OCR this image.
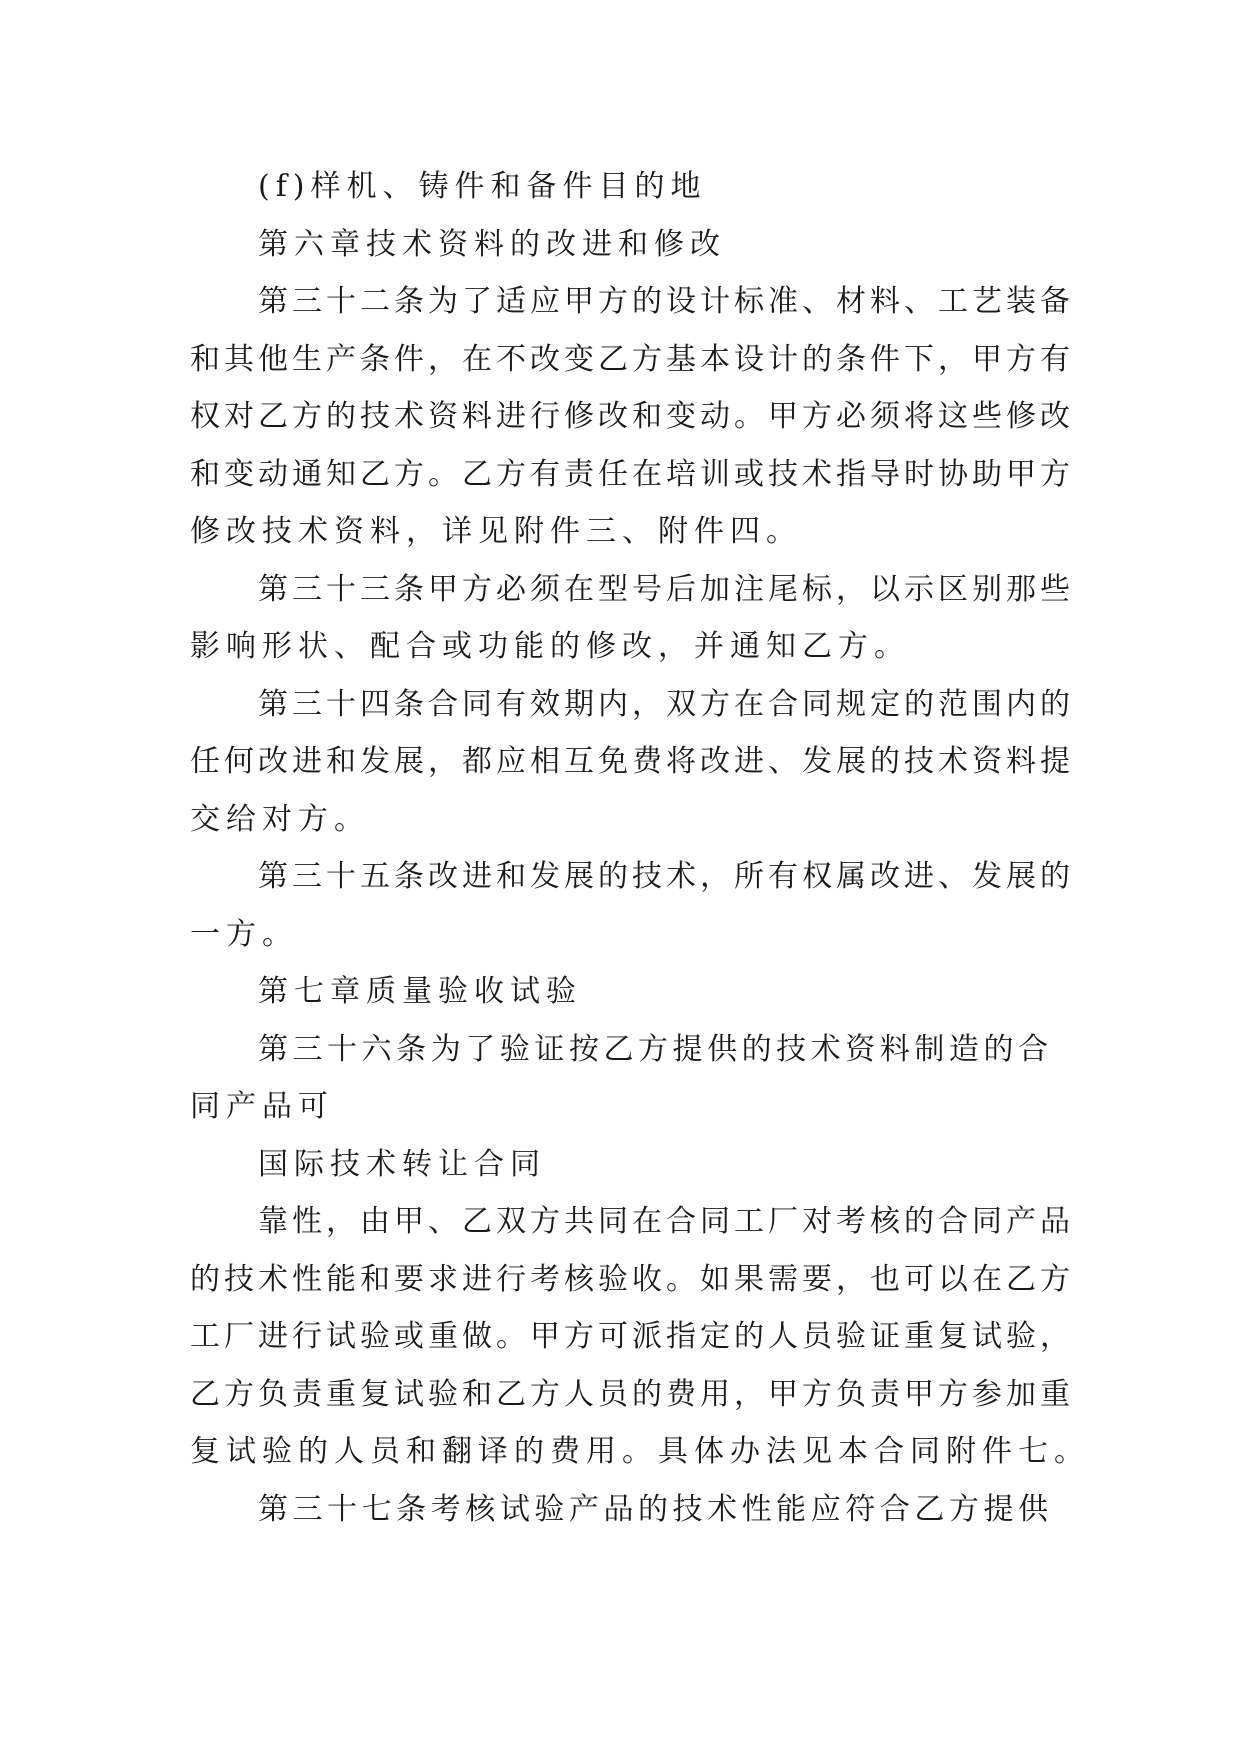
(f)样机、铸件和备件目的地
第六章技术资料的改进和修改
第三十二条为了适应甲方的设计标准、材料、工艺装备
和其他生产条件，在不改变乙方基本设计的条件下，甲方有
权对乙方的技术资料进行修改和变动。甲方必须将这些修改
和变动通知乙方。乙方有责任在培训或技术指导时协助甲方
修改技术资料，详见附件三、附件四。
第三十三条甲方必须在型号后加注尾标，以示区别那些
影响形状、配合或功能的修改，并通知乙方。
第三十四条合同有效期内，双方在合同规定的范围内的
任何改进和发展，都应相互免费将改进、发展的技术资料提
交给对方。
第三十五条改进和发展的技术，所有权属改进、发展的
一方。
第七章质量验收试验
第三十六条为了验证按乙方提供的技术资料制造的合
同产品可
国际技术转让合同
靠性，由甲、乙双方共同在合同工厂对考核的合同产品
的技术性能和要求进行考核验收。如果需要，也可以在乙方
工厂进行试验或重做。甲方可派指定的人员验证重复试验，
乙方负责重复试验和乙方人员的费用，甲方负责甲方参加重
复试验的人员和翻译的费用。具体办法见本合同附件七。
第三十七条考核试验产品的技术性能应符合乙方提供
